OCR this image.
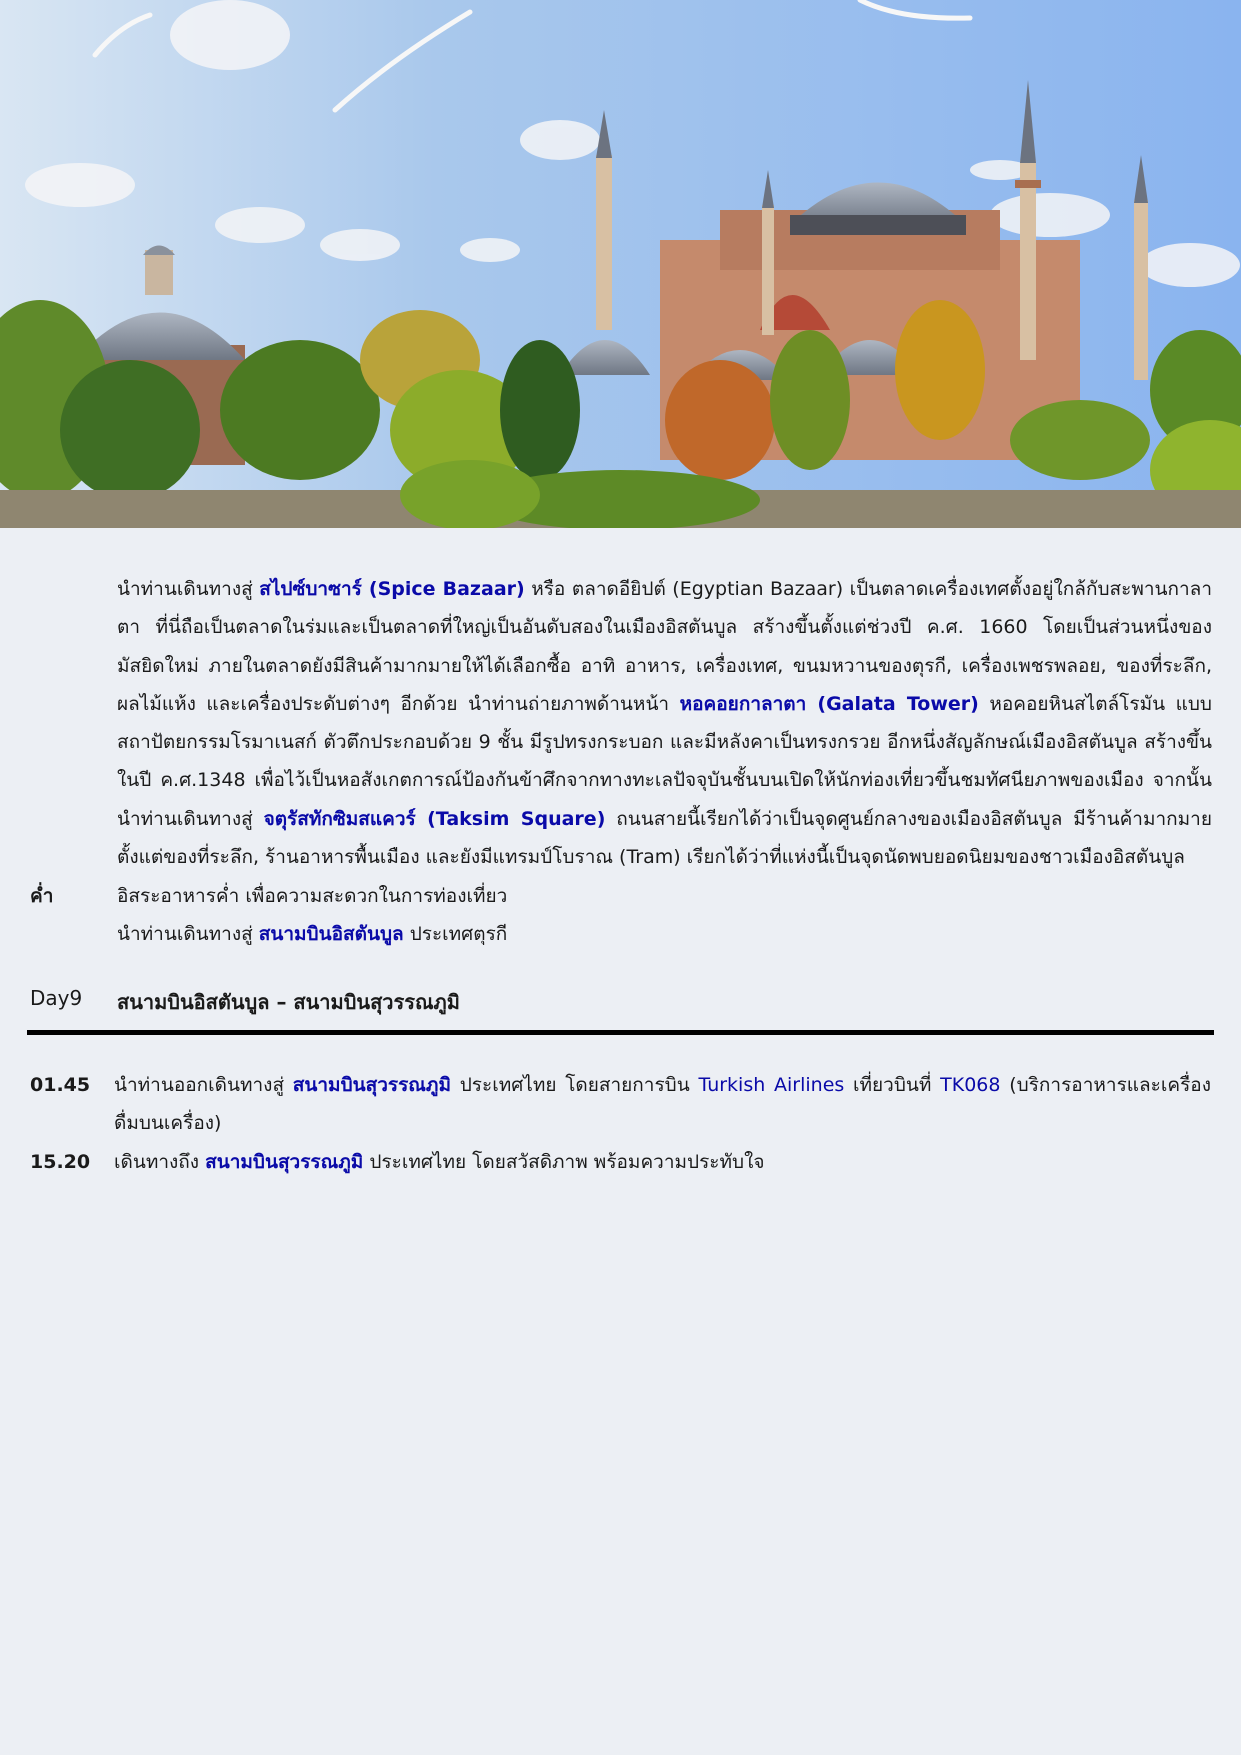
นำท่านเดินทางสู่ สไปซ์บาซาร์ (Spice Bazaar) หรือ ตลาดอียิปต์ (Egyptian Bazaar) เป็นตลาดเครื่องเทศตั้งอยู่ใกล้กับสะพานกาลาตา ที่นี่ถือเป็นตลาดในร่มและเป็นตลาดที่ใหญ่เป็นอันดับสองในเมืองอิสตันบูล สร้างขึ้นตั้งแต่ช่วงปี ค.ศ. 1660 โดยเป็นส่วนหนึ่งของมัสยิดใหม่ ภายในตลาดยังมีสินค้ามากมายให้ได้เลือกซื้อ อาทิ อาหาร, เครื่องเทศ, ขนมหวานของตุรกี, เครื่องเพชรพลอย, ของที่ระลึก, ผลไม้แห้ง และเครื่องประดับต่างๆ อีกด้วย นำท่านถ่ายภาพด้านหน้า หอคอยกาลาตา (Galata Tower) หอคอยหินสไตล์โรมัน แบบสถาปัตยกรรมโรมาเนสก์ ตัวตึกประกอบด้วย 9 ชั้น มีรูปทรงกระบอก และมีหลังคาเป็นทรงกรวย อีกหนึ่งสัญลักษณ์เมืองอิสตันบูล สร้างขึ้นในปี ค.ศ.1348 เพื่อไว้เป็นหอสังเกตการณ์ป้องกันข้าศึกจากทางทะเลปัจจุบันชั้นบนเปิดให้นักท่องเที่ยวขึ้นชมทัศนียภาพของเมือง จากนั้นนำท่านเดินทางสู่ จตุรัสทักซิมสแควร์ (Taksim Square) ถนนสายนี้เรียกได้ว่าเป็นจุดศูนย์กลางของเมืองอิสตันบูล มีร้านค้ามากมาย ตั้งแต่ของที่ระลึก, ร้านอาหารพื้นเมือง และยังมีแทรมป์โบราณ (Tram) เรียกได้ว่าที่แห่งนี้เป็นจุดนัดพบยอดนิยมของชาวเมืองอิสตันบูล
ค่ำ	อิสระอาหารค่ำ เพื่อความสะดวกในการท่องเที่ยว
นำท่านเดินทางสู่ สนามบินอิสตันบูล ประเทศตุรกี
Day9 สนามบินอิสตันบูล – สนามบินสุวรรณภูมิ
01.45 นำท่านออกเดินทางสู่ สนามบินสุวรรณภูมิ ประเทศไทย โดยสายการบิน Turkish Airlines เที่ยวบินที่ TK068 (บริการอาหารและเครื่องดื่มบนเครื่อง)
15.20 เดินทางถึง สนามบินสุวรรณภูมิ ประเทศไทย โดยสวัสดิภาพ พร้อมความประทับใจ
